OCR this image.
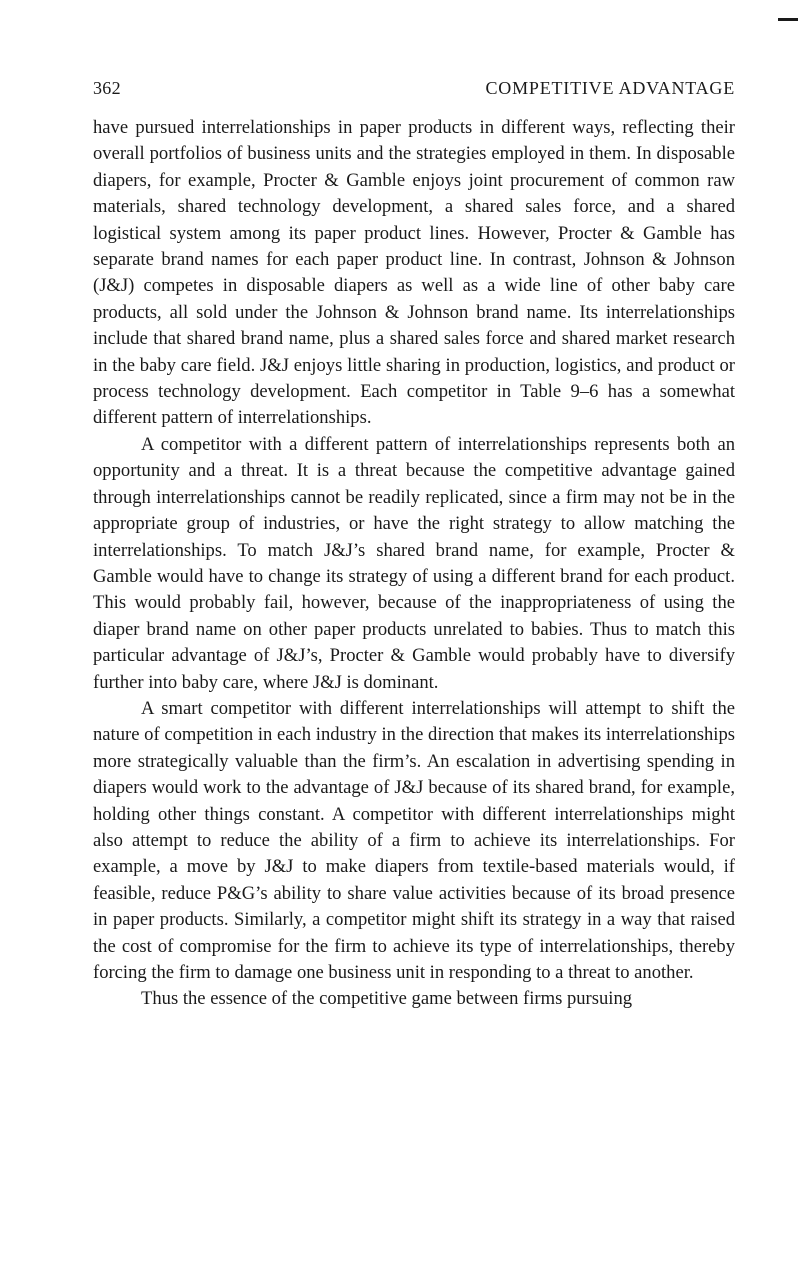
362	COMPETITIVE ADVANTAGE

have pursued interrelationships in paper products in different ways, reflecting their overall portfolios of business units and the strategies employed in them. In disposable diapers, for example, Procter & Gamble enjoys joint procurement of common raw materials, shared technology development, a shared sales force, and a shared logistical system among its paper product lines. However, Procter & Gamble has separate brand names for each paper product line. In contrast, Johnson & Johnson (J&J) competes in disposable diapers as well as a wide line of other baby care products, all sold under the Johnson & Johnson brand name. Its interrelationships include that shared brand name, plus a shared sales force and shared market research in the baby care field. J&J enjoys little sharing in production, logistics, and product or process technology development. Each competitor in Table 9–6 has a somewhat different pattern of interrelationships.

A competitor with a different pattern of interrelationships represents both an opportunity and a threat. It is a threat because the competitive advantage gained through interrelationships cannot be readily replicated, since a firm may not be in the appropriate group of industries, or have the right strategy to allow matching the interrelationships. To match J&J’s shared brand name, for example, Procter & Gamble would have to change its strategy of using a different brand for each product. This would probably fail, however, because of the inappropriateness of using the diaper brand name on other paper products unrelated to babies. Thus to match this particular advantage of J&J’s, Procter & Gamble would probably have to diversify further into baby care, where J&J is dominant.

A smart competitor with different interrelationships will attempt to shift the nature of competition in each industry in the direction that makes its interrelationships more strategically valuable than the firm’s. An escalation in advertising spending in diapers would work to the advantage of J&J because of its shared brand, for example, holding other things constant. A competitor with different interrelationships might also attempt to reduce the ability of a firm to achieve its interrelationships. For example, a move by J&J to make diapers from textile-based materials would, if feasible, reduce P&G’s ability to share value activities because of its broad presence in paper products. Similarly, a competitor might shift its strategy in a way that raised the cost of compromise for the firm to achieve its type of interrelationships, thereby forcing the firm to damage one business unit in responding to a threat to another.

Thus the essence of the competitive game between firms pursuing
